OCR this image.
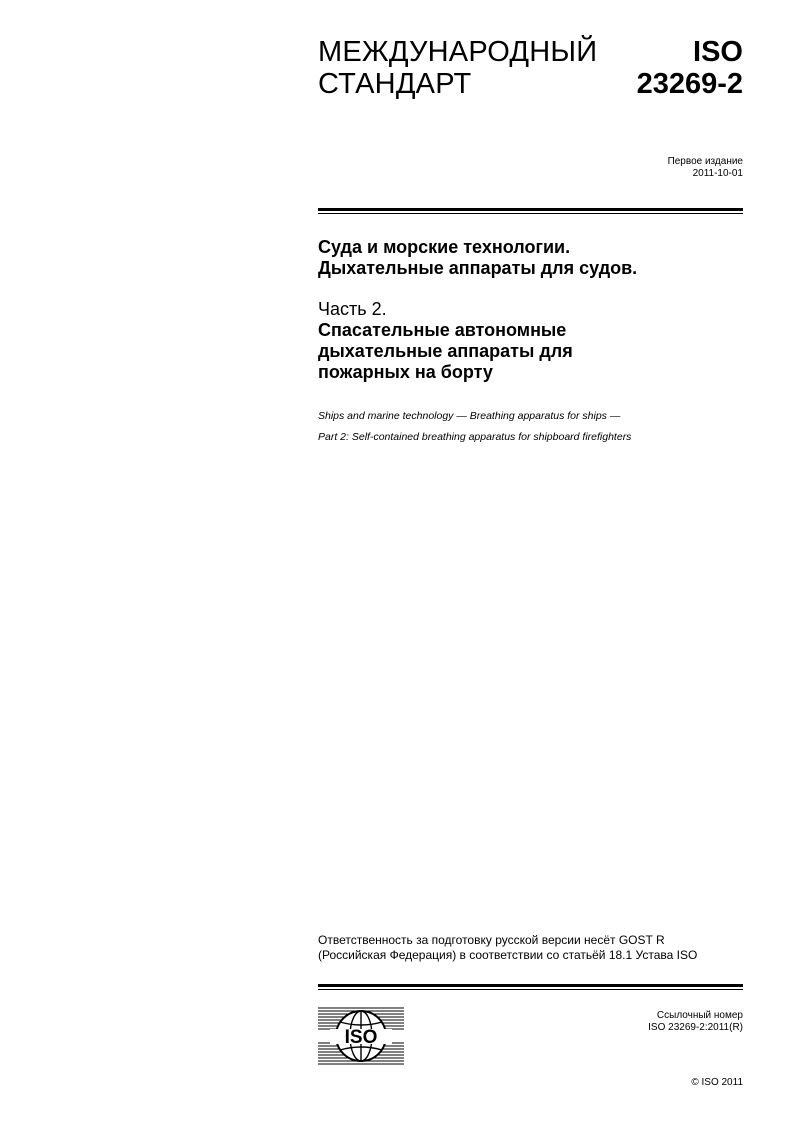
МЕЖДУНАРОДНЫЙ
СТАНДАРТ
ISO
23269-2
Первое издание
2011-10-01
Суда и морские технологии.
Дыхательные аппараты для судов.
Часть 2.
Спасательные автономные
дыхательные аппараты для
пожарных на борту
Ships and marine technology — Breathing apparatus for ships —
Part 2: Self-contained breathing apparatus for shipboard firefighters
Ответственность за подготовку русской версии несёт GOST R
(Российская Федерация) в соответствии со статьёй 18.1 Устава ISO
ISO
Ссылочный номер
ISO 23269-2:2011(R)
© ISO 2011
